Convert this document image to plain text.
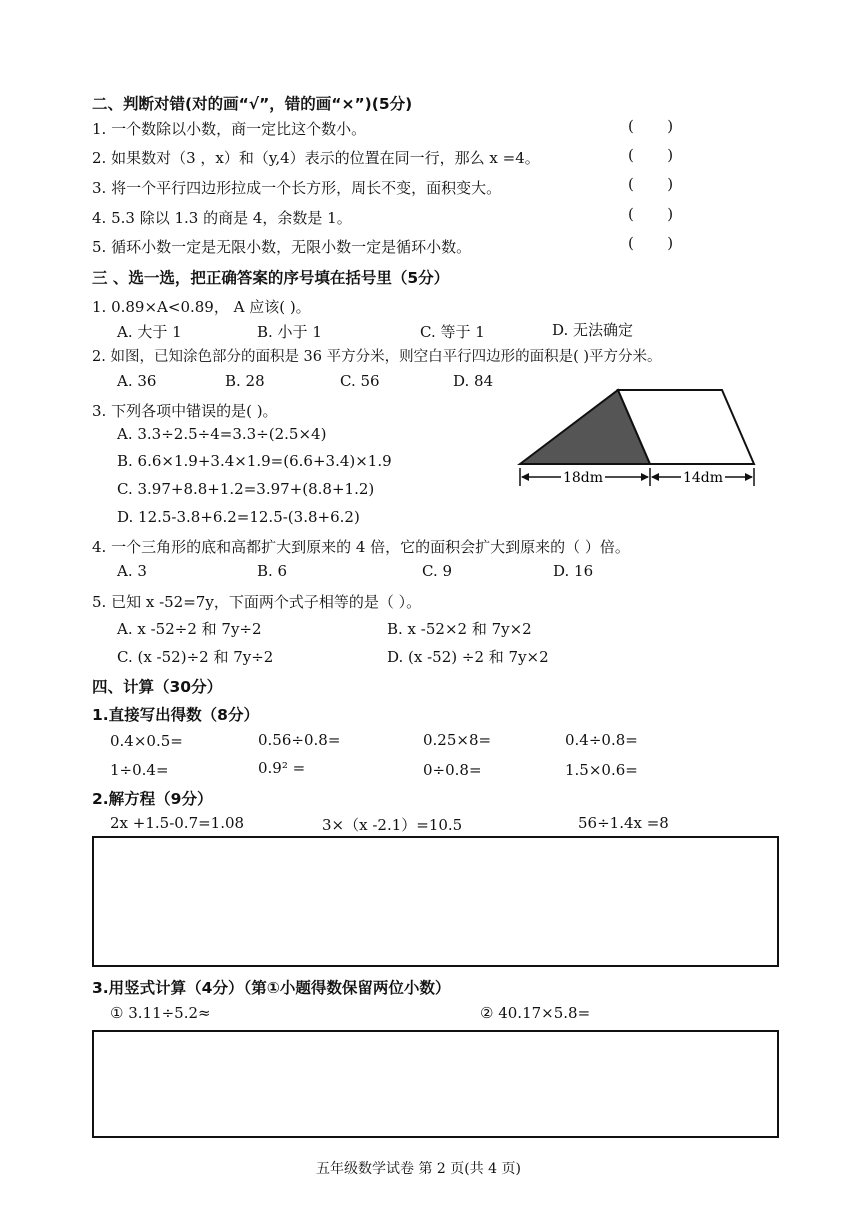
二、判断对错(对的画“√”，错的画“×”)(5分)
1. 一个数除以小数，商一定比这个数小。	(       )
2. 如果数对（3 ，x）和（y,4）表示的位置在同一行，那么 x =4。	(       )
3. 将一个平行四边形拉成一个长方形，周长不变，面积变大。	(       )
4. 5.3 除以 1.3 的商是 4，余数是 1。	(       )
5. 循环小数一定是无限小数，无限小数一定是循环小数。	(       )
三 、选一选，把正确答案的序号填在括号里（5分）
1. 0.89×A<0.89， A 应该( )。
A. 大于 1	B. 小于 1	C. 等于 1	D. 无法确定
2. 如图，已知涂色部分的面积是 36 平方分米，则空白平行四边形的面积是( )平方分米。
A. 36	B. 28	C. 56	D. 84
3. 下列各项中错误的是( )。
A. 3.3÷2.5÷4=3.3÷(2.5×4)
B. 6.6×1.9+3.4×1.9=(6.6+3.4)×1.9
C. 3.97+8.8+1.2=3.97+(8.8+1.2)
D. 12.5-3.8+6.2=12.5-(3.8+6.2)
18dm	14dm
4. 一个三角形的底和高都扩大到原来的 4 倍，它的面积会扩大到原来的（ ）倍。
A. 3	B. 6	C. 9	D. 16
5. 已知 x -52=7y，下面两个式子相等的是（ ）。
A. x -52÷2 和 7y÷2	B. x -52×2 和 7y×2
C. (x -52)÷2 和 7y÷2	D. (x -52) ÷2 和 7y×2
四、计算（30分）
1.直接写出得数（8分）
0.4×0.5=	0.56÷0.8=	0.25×8=	0.4÷0.8=
1÷0.4=	0.9² =	0÷0.8=	1.5×0.6=
2.解方程（9分）
2x +1.5-0.7=1.08	3×（x -2.1）=10.5	56÷1.4x =8
3.用竖式计算（4分）（第①小题得数保留两位小数）
① 3.11÷5.2≈	② 40.17×5.8=
五年级数学试卷 第 2 页(共 4 页)
